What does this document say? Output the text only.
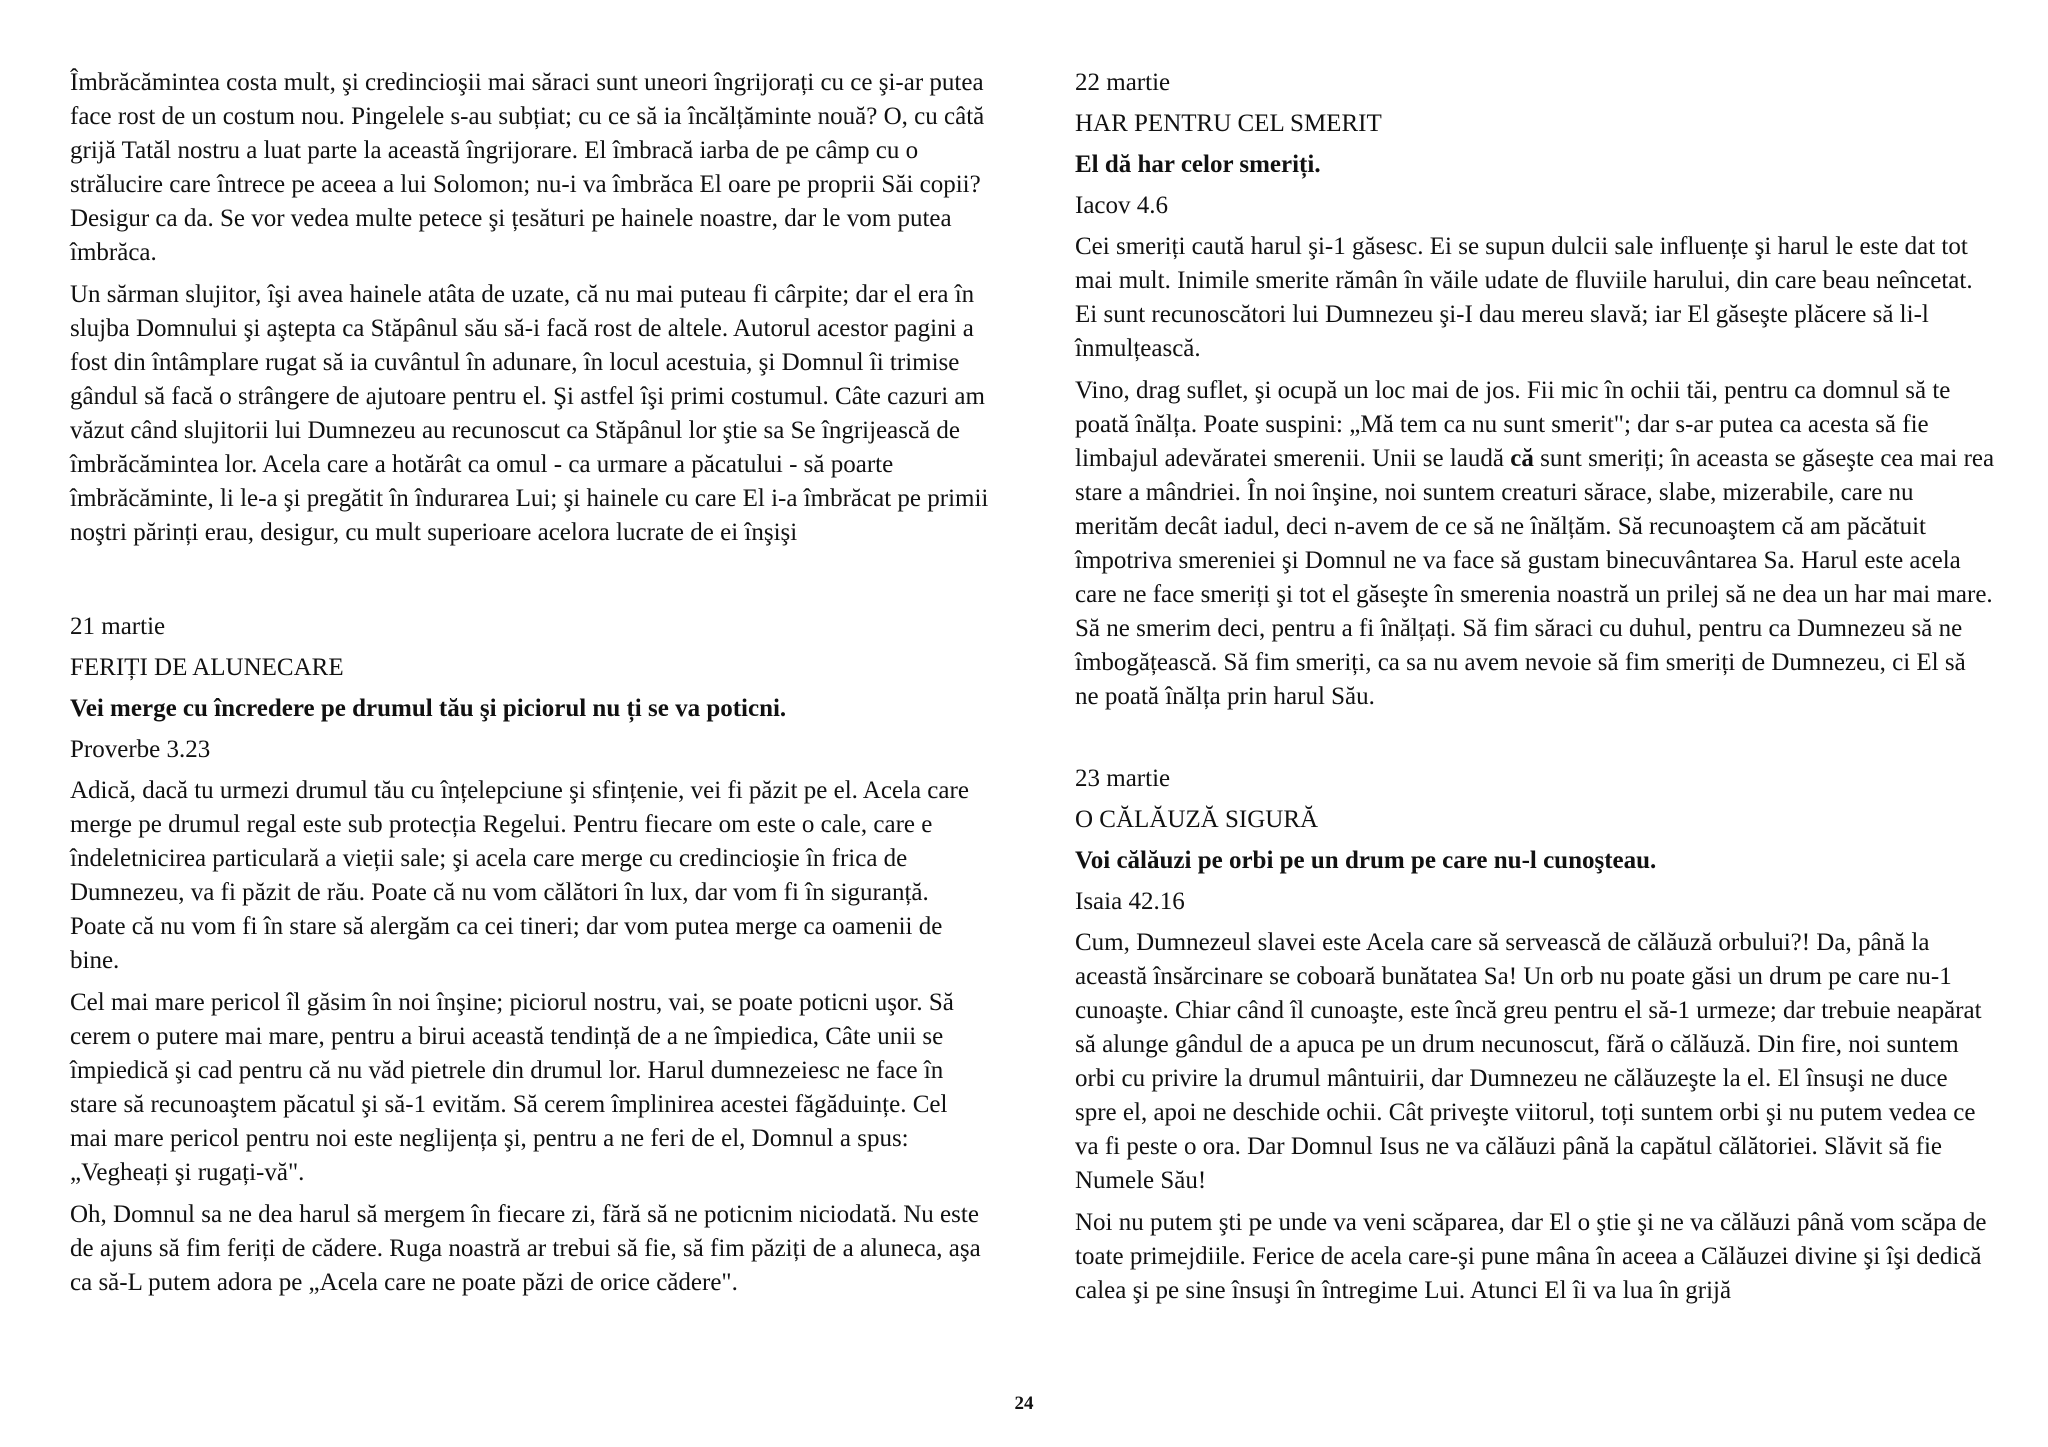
Îmbrăcămintea costa mult, şi credincioşii mai săraci sunt uneori îngrijorați cu ce şi-ar putea face rost de un costum nou. Pingelele s-au subțiat; cu ce să ia încălțăminte nouă? O, cu câtă grijă Tatăl nostru a luat parte la această îngrijorare. El îmbracă iarba de pe câmp cu o strălucire care întrece pe aceea a lui Solomon; nu-i va îmbrăca El oare pe proprii Săi copii? Desigur ca da. Se vor vedea multe petece şi țesături pe hainele noastre, dar le vom putea îmbrăca.

Un sărman slujitor, îşi avea hainele atâta de uzate, că nu mai puteau fi cârpite; dar el era în slujba Domnului şi aştepta ca Stăpânul său să-i facă rost de altele. Autorul acestor pagini a fost din întâmplare rugat să ia cuvântul în adunare, în locul acestuia, şi Domnul îi trimise gândul să facă o strângere de ajutoare pentru el. Şi astfel îşi primi costumul. Câte cazuri am văzut când slujitorii lui Dumnezeu au recunoscut ca Stăpânul lor ştie sa Se îngrijească de îmbrăcămintea lor. Acela care a hotărât ca omul - ca urmare a păcatului - să poarte îmbrăcăminte, li le-a şi pregătit în îndurarea Lui; şi hainele cu care El i-a îmbrăcat pe primii noştri părinți erau, desigur, cu mult superioare acelora lucrate de ei înşişi

21 martie

FERIȚI DE ALUNECARE

Vei merge cu încredere pe drumul tău şi piciorul nu ți se va poticni.

Proverbe 3.23

Adică, dacă tu urmezi drumul tău cu înțelepciune şi sfințenie, vei fi păzit pe el. Acela care merge pe drumul regal este sub protecția Regelui. Pentru fiecare om este o cale, care e îndeletnicirea particulară a vieții sale; şi acela care merge cu credincioşie în frica de Dumnezeu, va fi păzit de rău. Poate că nu vom călători în lux, dar vom fi în siguranță. Poate că nu vom fi în stare să alergăm ca cei tineri; dar vom putea merge ca oamenii de bine.

Cel mai mare pericol îl găsim în noi înşine; piciorul nostru, vai, se poate poticni uşor. Să cerem o putere mai mare, pentru a birui această tendință de a ne împiedica, Câte unii se împiedică şi cad pentru că nu văd pietrele din drumul lor. Harul dumnezeiesc ne face în stare să recunoaştem păcatul şi să-1 evităm. Să cerem împlinirea acestei făgăduințe. Cel mai mare pericol pentru noi este neglijența şi, pentru a ne feri de el, Domnul a spus: „Vegheați şi rugați-vă".

Oh, Domnul sa ne dea harul să mergem în fiecare zi, fără să ne poticnim niciodată. Nu este de ajuns să fim feriți de cădere. Ruga noastră ar trebui să fie, să fim păziți de a aluneca, aşa ca să-L putem adora pe „Acela care ne poate păzi de orice cădere".

22 martie

HAR PENTRU CEL SMERIT

El dă har celor smeriți.

Iacov 4.6

Cei smeriți caută harul şi-1 găsesc. Ei se supun dulcii sale influențe şi harul le este dat tot mai mult. Inimile smerite rămân în văile udate de fluviile harului, din care beau neîncetat. Ei sunt recunoscători lui Dumnezeu şi-I dau mereu slavă; iar El găseşte plăcere să li-l înmulțească.

Vino, drag suflet, şi ocupă un loc mai de jos. Fii mic în ochii tăi, pentru ca domnul să te poată înălța. Poate suspini: „Mă tem ca nu sunt smerit"; dar s-ar putea ca acesta să fie limbajul adevăratei smerenii. Unii se laudă că sunt smeriți; în aceasta se găseşte cea mai rea stare a mândriei. În noi înşine, noi suntem creaturi sărace, slabe, mizerabile, care nu merităm decât iadul, deci n-avem de ce să ne înălțăm. Să recunoaştem că am păcătuit împotriva smereniei şi Domnul ne va face să gustam binecuvântarea Sa. Harul este acela care ne face smeriți şi tot el găseşte în smerenia noastră un prilej să ne dea un har mai mare. Să ne smerim deci, pentru a fi înălțați. Să fim săraci cu duhul, pentru ca Dumnezeu să ne îmbogățească. Să fim smeriți, ca sa nu avem nevoie să fim smeriți de Dumnezeu, ci El să ne poată înălța prin harul Său.

23 martie

O CĂLĂUZĂ SIGURĂ

Voi călăuzi pe orbi pe un drum pe care nu-l cunoşteau.

Isaia 42.16

Cum, Dumnezeul slavei este Acela care să servească de călăuză orbului?! Da, până la această însărcinare se coboară bunătatea Sa! Un orb nu poate găsi un drum pe care nu-1 cunoaşte. Chiar când îl cunoaşte, este încă greu pentru el să-1 urmeze; dar trebuie neapărat să alunge gândul de a apuca pe un drum necunoscut, fără o călăuză. Din fire, noi suntem orbi cu privire la drumul mântuirii, dar Dumnezeu ne călăuzeşte la el. El însuşi ne duce spre el, apoi ne deschide ochii. Cât priveşte viitorul, toți suntem orbi şi nu putem vedea ce va fi peste o ora. Dar Domnul Isus ne va călăuzi până la capătul călătoriei. Slăvit să fie Numele Său!

Noi nu putem şti pe unde va veni scăparea, dar El o ştie şi ne va călăuzi până vom scăpa de toate primejdiile. Ferice de acela care-şi pune mâna în aceea a Călăuzei divine şi îşi dedică calea şi pe sine însuşi în întregime Lui. Atunci El îi va lua în grijă

24
